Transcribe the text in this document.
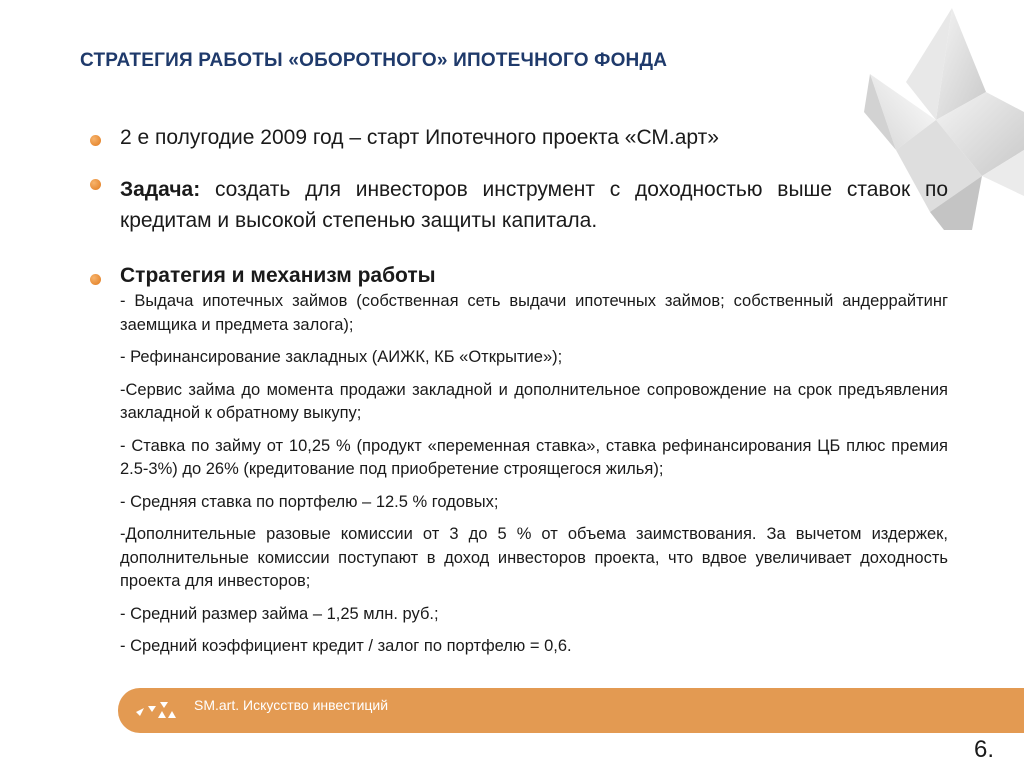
СТРАТЕГИЯ РАБОТЫ «ОБОРОТНОГО» ИПОТЕЧНОГО ФОНДА
2 е полугодие 2009 год – старт Ипотечного проекта «СМ.арт»
Задача: создать для инвесторов инструмент с доходностью выше ставок по кредитам и высокой степенью защиты капитала.
Стратегия и механизм работы
- Выдача ипотечных займов (собственная сеть выдачи ипотечных займов; собственный андеррайтинг заемщика и предмета залога);
- Рефинансирование закладных (АИЖК, КБ «Открытие»);
-Сервис займа до момента продажи закладной и дополнительное сопровождение на срок предъявления закладной к обратному выкупу;
- Ставка по займу от 10,25 % (продукт «переменная ставка», ставка рефинансирования ЦБ плюс премия 2.5-3%) до 26% (кредитование под приобретение строящегося жилья);
- Средняя ставка по портфелю – 12.5 % годовых;
-Дополнительные разовые комиссии от 3 до 5 % от объема заимствования. За вычетом издержек, дополнительные комиссии поступают в доход инвесторов проекта, что вдвое увеличивает доходность проекта для инвесторов;
- Средний размер займа – 1,25 млн. руб.;
- Средний коэффициент кредит / залог по портфелю = 0,6.
SM.art. Искусство инвестиций
6.
